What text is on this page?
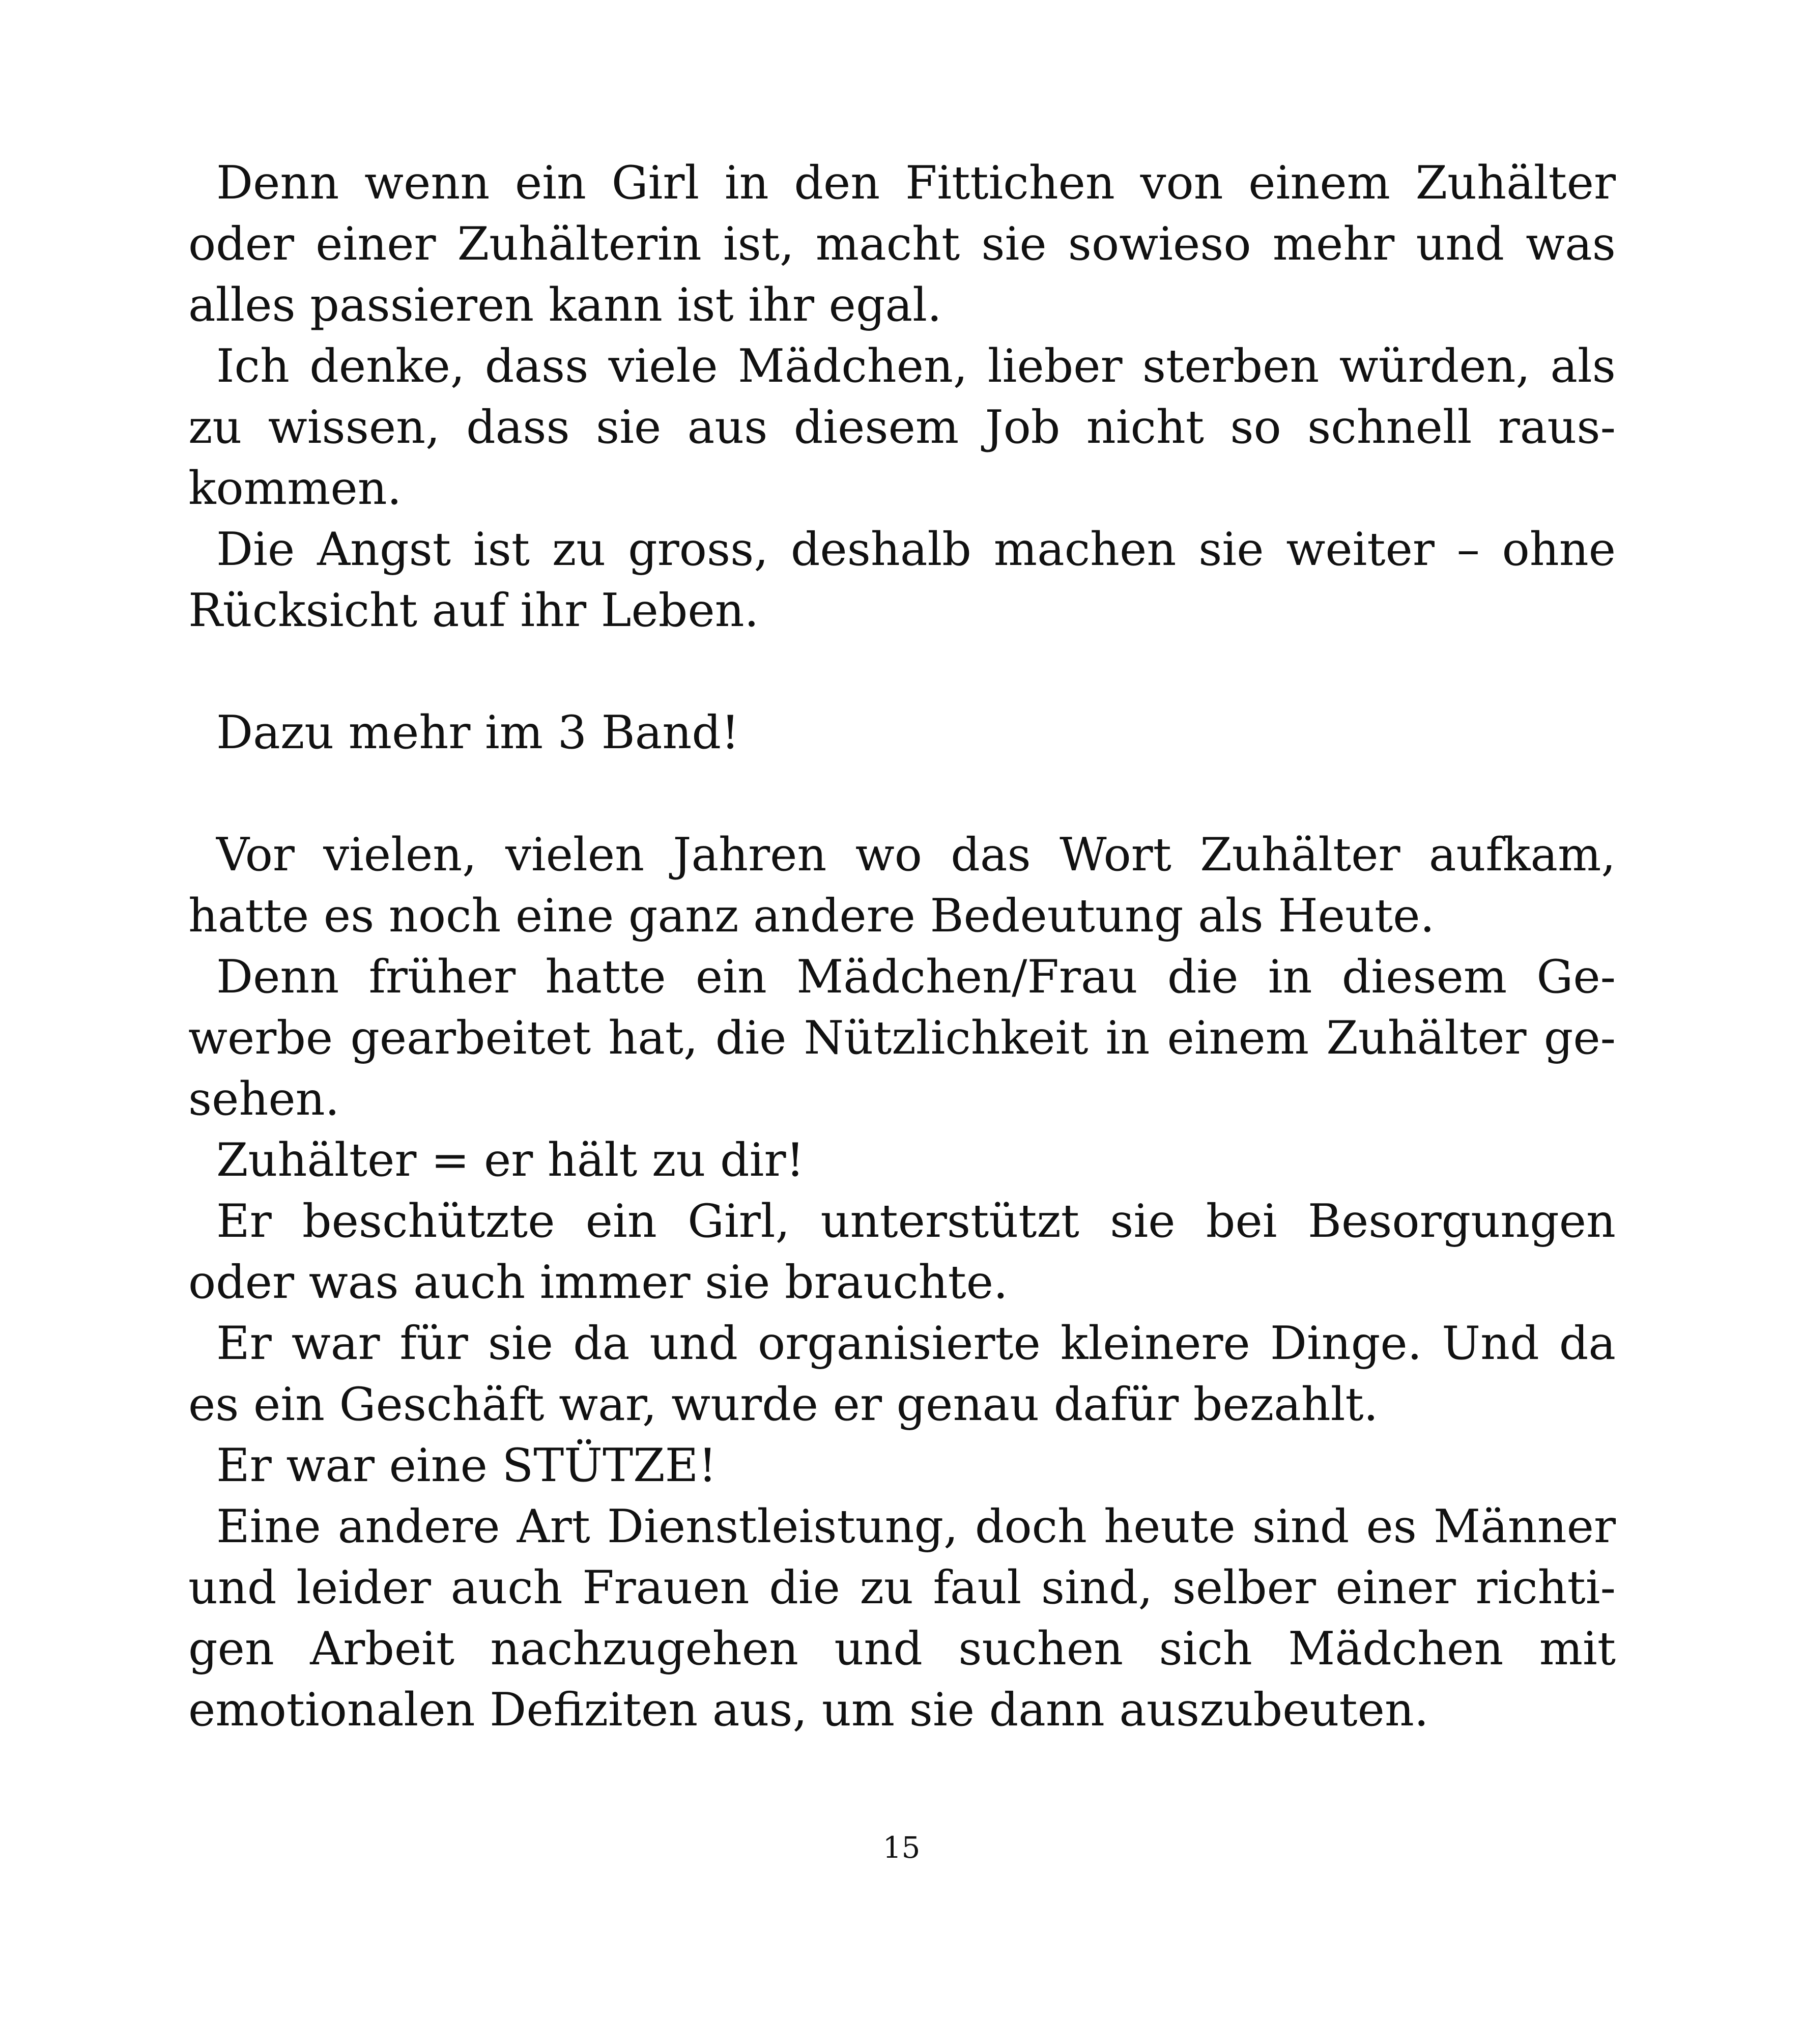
Denn wenn ein Girl in den Fittichen von einem Zuhälter oder einer Zuhälterin ist, macht sie sowieso mehr und was alles passieren kann ist ihr egal.

Ich denke, dass viele Mädchen, lieber sterben würden, als zu wissen, dass sie aus diesem Job nicht so schnell raus-kommen.

Die Angst ist zu gross, deshalb machen sie weiter – ohne Rücksicht auf ihr Leben.

Dazu mehr im 3 Band!

Vor vielen, vielen Jahren wo das Wort Zuhälter aufkam, hatte es noch eine ganz andere Bedeutung als Heute.

Denn früher hatte ein Mädchen/Frau die in diesem Ge-werbe gearbeitet hat, die Nützlichkeit in einem Zuhälter ge-sehen.

Zuhälter = er hält zu dir!

Er beschützte ein Girl, unterstützt sie bei Besorgungen oder was auch immer sie brauchte.

Er war für sie da und organisierte kleinere Dinge. Und da es ein Geschäft war, wurde er genau dafür bezahlt.

Er war eine STÜTZE!

Eine andere Art Dienstleistung, doch heute sind es Männer und leider auch Frauen die zu faul sind, selber einer richti-gen Arbeit nachzugehen und suchen sich Mädchen mit emotionalen Defiziten aus, um sie dann auszubeuten.

15
